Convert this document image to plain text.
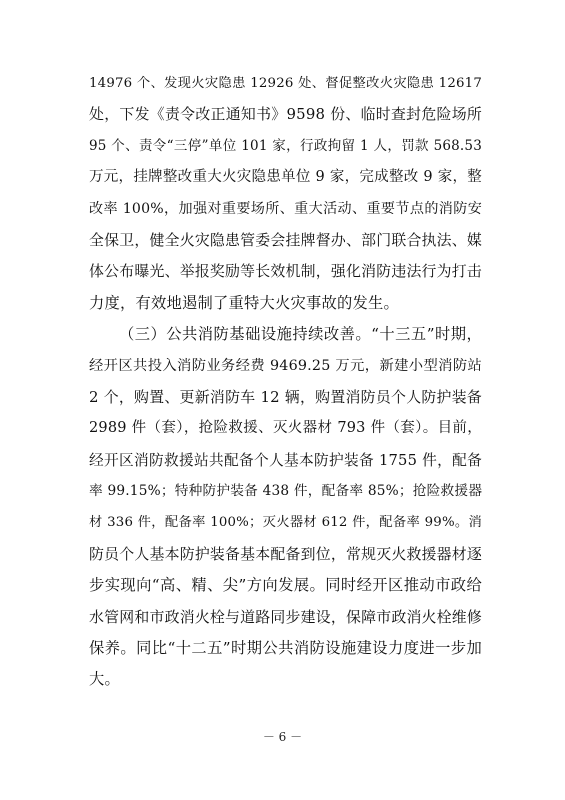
14976 个、发现火灾隐患 12926 处、督促整改火灾隐患 12617
处，下发《责令改正通知书》9598 份、临时查封危险场所
95 个、责令“三停”单位 101 家，行政拘留 1 人，罚款 568.53
万元，挂牌整改重大火灾隐患单位 9 家，完成整改 9 家，整
改率 100%，加强对重要场所、重大活动、重要节点的消防安
全保卫，健全火灾隐患管委会挂牌督办、部门联合执法、媒
体公布曝光、举报奖励等长效机制，强化消防违法行为打击
力度，有效地遏制了重特大火灾事故的发生。
（三）公共消防基础设施持续改善。“十三五”时期，
经开区共投入消防业务经费 9469.25 万元，新建小型消防站
2 个，购置、更新消防车 12 辆，购置消防员个人防护装备
2989 件（套），抢险救援、灭火器材 793 件（套）。目前，
经开区消防救援站共配备个人基本防护装备 1755 件，配备
率 99.15%；特种防护装备 438 件，配备率 85%；抢险救援器
材 336 件，配备率 100%；灭火器材 612 件，配备率 99%。消
防员个人基本防护装备基本配备到位，常规灭火救援器材逐
步实现向“高、精、尖”方向发展。同时经开区推动市政给
水管网和市政消火栓与道路同步建设，保障市政消火栓维修
保养。同比“十二五”时期公共消防设施建设力度进一步加
大。
－ 6 －
